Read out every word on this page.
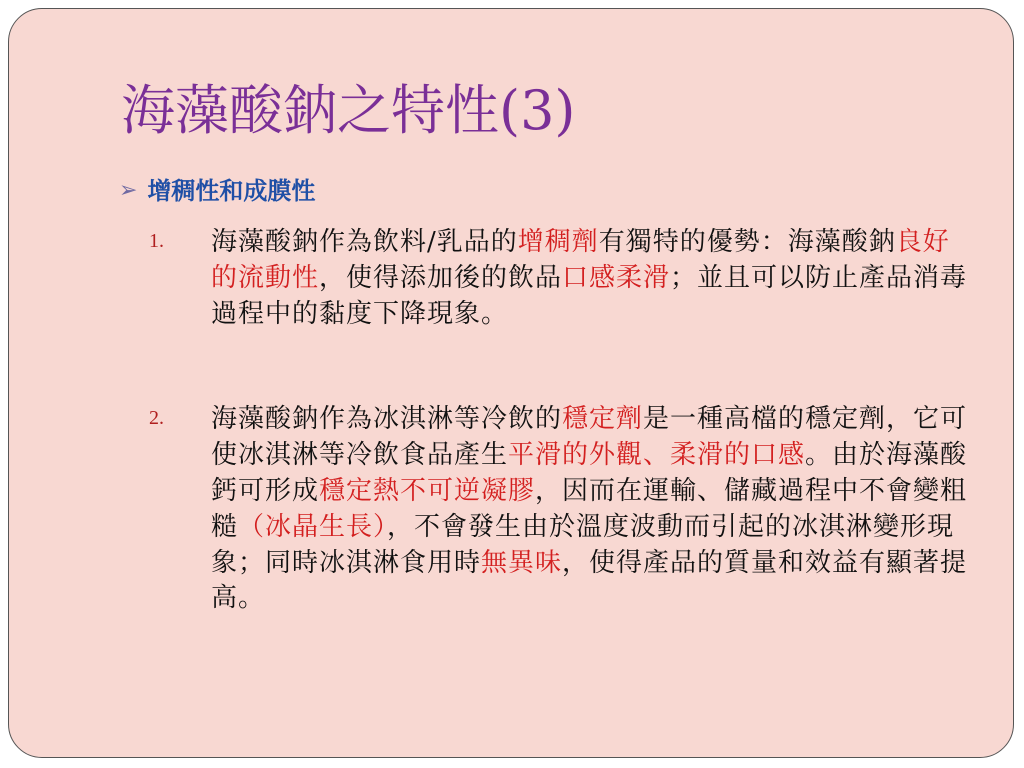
海藻酸鈉之特性(3)
➢ 增稠性和成膜性
1. 海藻酸鈉作為飲料/乳品的增稠劑有獨特的優勢：海藻酸鈉良好的流動性，使得添加後的飲品口感柔滑；並且可以防止產品消毒過程中的黏度下降現象。
2. 海藻酸鈉作為冰淇淋等冷飲的穩定劑是一種高檔的穩定劑，它可使冰淇淋等冷飲食品產生平滑的外觀、柔滑的口感。由於海藻酸鈣可形成穩定熱不可逆凝膠，因而在運輸、儲藏過程中不會變粗糙（冰晶生長），不會發生由於溫度波動而引起的冰淇淋變形現象；同時冰淇淋食用時無異味，使得產品的質量和效益有顯著提高。
